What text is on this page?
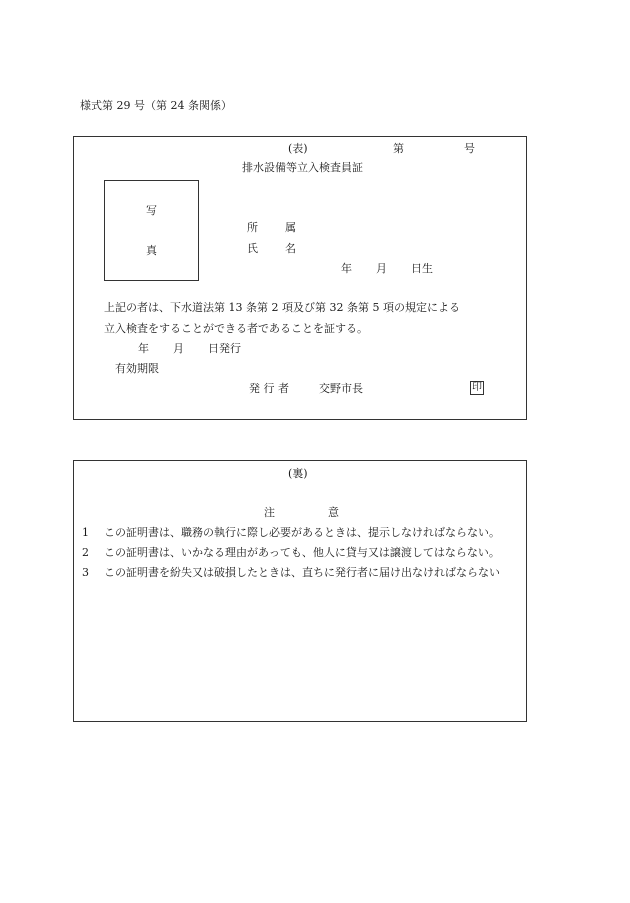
様式第 29 号（第 24 条関係）
(表)	第	号
排水設備等立入検査員証
写
真
所 属
氏 名
年 月 日生
上記の者は、下水道法第 13 条第 2 項及び第 32 条第 5 項の規定による
立入検査をすることができる者であることを証する。
年 月 日発行
有効期限
発 行 者	交野市長	印
(裏)
注	意
1 この証明書は、職務の執行に際し必要があるときは、提示しなければならない。
2 この証明書は、いかなる理由があっても、他人に貸与又は譲渡してはならない。
3 この証明書を紛失又は破損したときは、直ちに発行者に届け出なければならない
